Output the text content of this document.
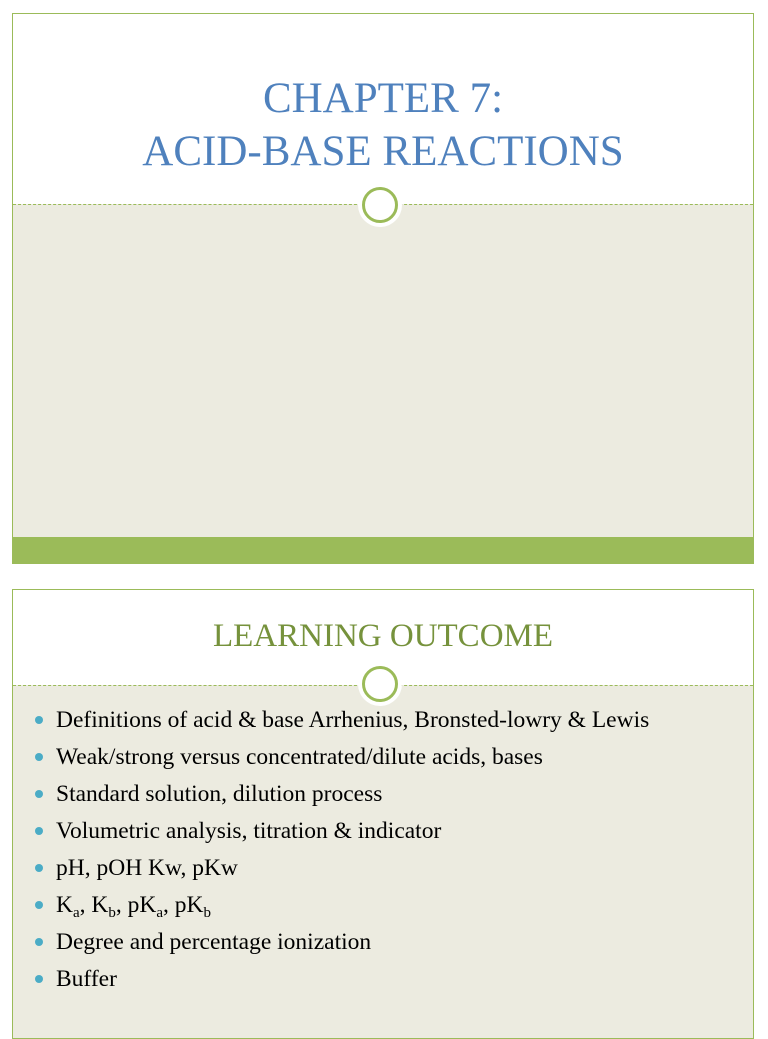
CHAPTER 7:
ACID-BASE REACTIONS
LEARNING OUTCOME
Definitions of acid & base Arrhenius, Bronsted-lowry & Lewis
Weak/strong versus concentrated/dilute acids, bases
Standard solution, dilution process
Volumetric analysis, titration & indicator
pH, pOH Kw, pKw
$K_a$, $K_b$, $pK_a$, $pK_b$
Degree and percentage ionization
Buffer
